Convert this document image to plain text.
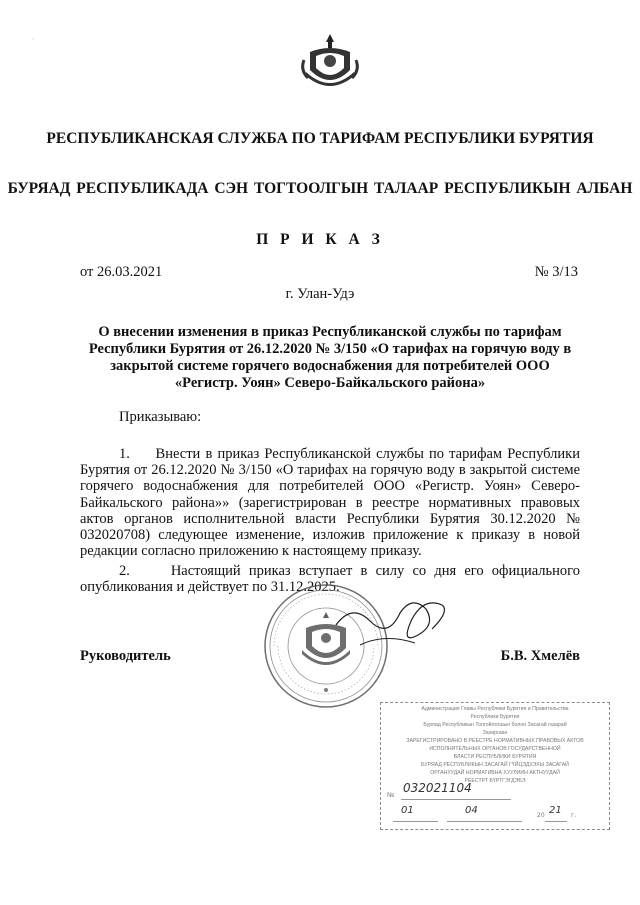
ʻ
РЕСПУБЛИКАНСКАЯ СЛУЖБА ПО ТАРИФАМ РЕСПУБЛИКИ БУРЯТИЯ
БУРЯАД РЕСПУБЛИКАДА СЭН ТОГТООЛГЫН ТАЛААР РЕСПУБЛИКЫН АЛБАН
П Р И К А З
от 26.03.2021	№ 3/13
г. Улан-Удэ
О внесении изменения в приказ Республиканской службы по тарифам Республики Бурятия от 26.12.2020 № 3/150 «О тарифах на горячую воду в закрытой системе горячего водоснабжения для потребителей ООО «Регистр. Уоян» Северо-Байкальского района»
Приказываю:
1.     Внести в приказ Республиканской службы по тарифам Республики Бурятия от 26.12.2020 № 3/150 «О тарифах на горячую воду в закрытой системе горячего водоснабжения для потребителей ООО «Регистр. Уоян» Северо-Байкальского района»» (зарегистрирован в реестре нормативных правовых актов органов исполнительной власти Республики Бурятия 30.12.2020 № 032020708) следующее изменение, изложив приложение к приказу в новой редакции согласно приложению к настоящему приказу.
2.     Настоящий приказ вступает в силу со дня его официального опубликования и действует по 31.12.2025.
Руководитель	Б.В. Хмелёв
Администрация Главы Республики Бурятия и Правительства
Республики Бурятия
Буряад Республикын Толгойлогшын болон Засагай газарай
Захиргаан
ЗАРЕГИСТРИРОВАНО В РЕЕСТРЕ НОРМАТИВНЫХ ПРАВОВЫХ АКТОВ
ИСПОЛНИТЕЛЬНЫХ ОРГАНОВ ГОСУДАРСТВЕННОЙ
ВЛАСТИ РЕСПУБЛИКИ БУРЯТИЯ
БУРЯАД РЕСПУБЛИКЫН ЗАСАГАЙ ГҮЙЦЭДХЭХЫ ЗАСАГАЙ
ОРГАНУУДАЙ НОРМАТИВНА ХУУЛИИН АКТНУУДАЙ
РЕЕСТРТ БҮРТГЭГДЭБЭ
№
032021104
01	04	20 21 г.
